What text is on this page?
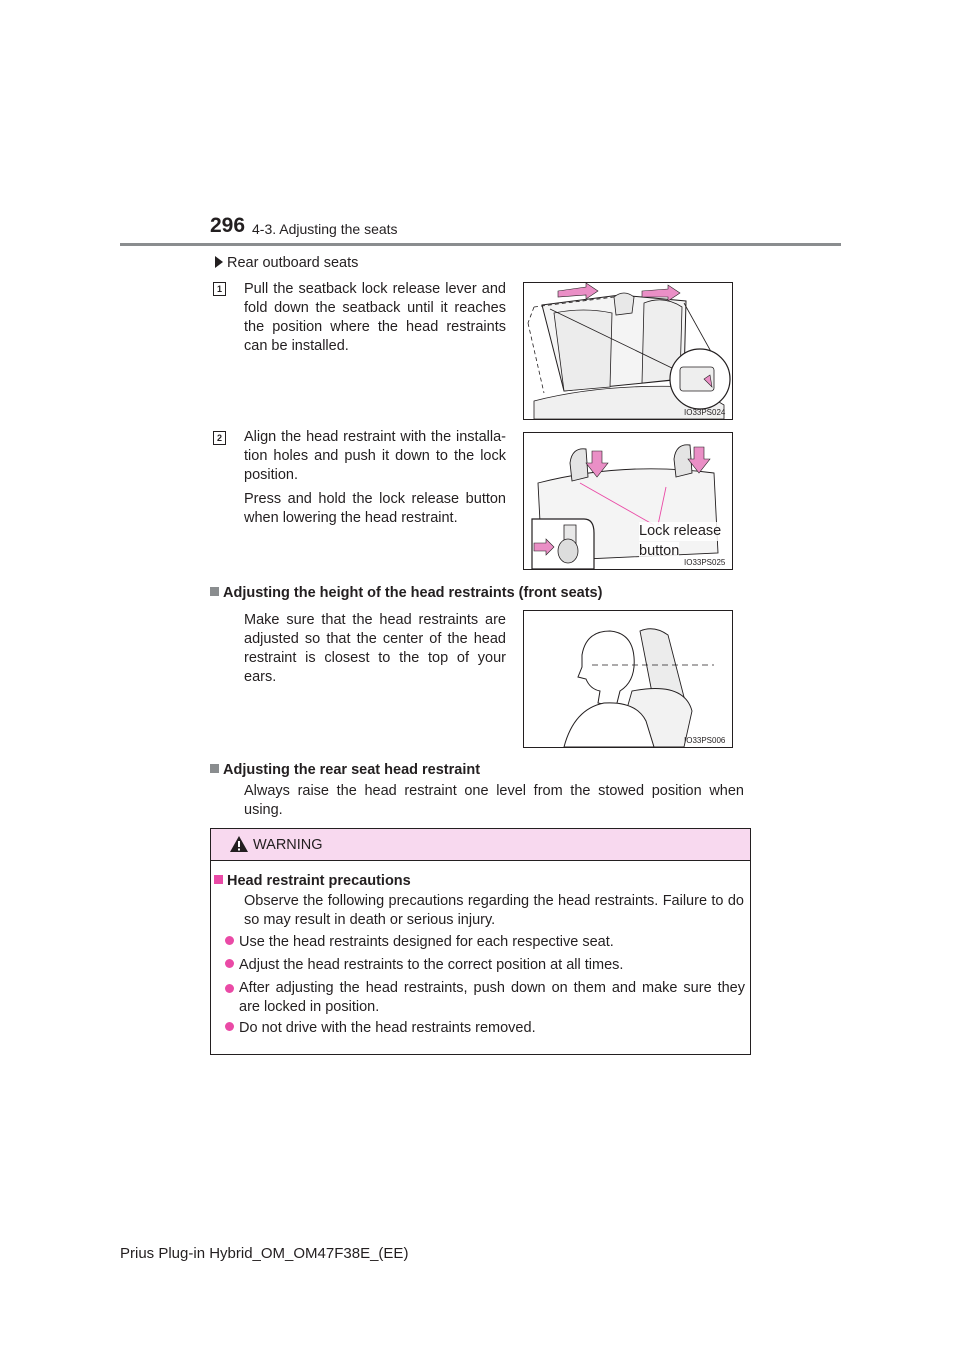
296 4-3. Adjusting the seats
Rear outboard seats
1 Pull the seatback lock release lever and fold down the seatback until it reaches the position where the head restraints can be installed.
IO33PS024
2 Align the head restraint with the installa- tion holes and push it down to the lock position.
Press and hold the lock release button when lowering the head restraint.
Lock release
button
IO33PS025
Adjusting the height of the head restraints (front seats)
Make sure that the head restraints are adjusted so that the center of the head restraint is closest to the top of your ears.
IO33PS006
Adjusting the rear seat head restraint
Always raise the head restraint one level from the stowed position when using.
WARNING
Head restraint precautions
Observe the following precautions regarding the head restraints. Failure to do so may result in death or serious injury.
Use the head restraints designed for each respective seat.
Adjust the head restraints to the correct position at all times.
After adjusting the head restraints, push down on them and make sure they are locked in position.
Do not drive with the head restraints removed.
Prius Plug-in Hybrid_OM_OM47F38E_(EE)
